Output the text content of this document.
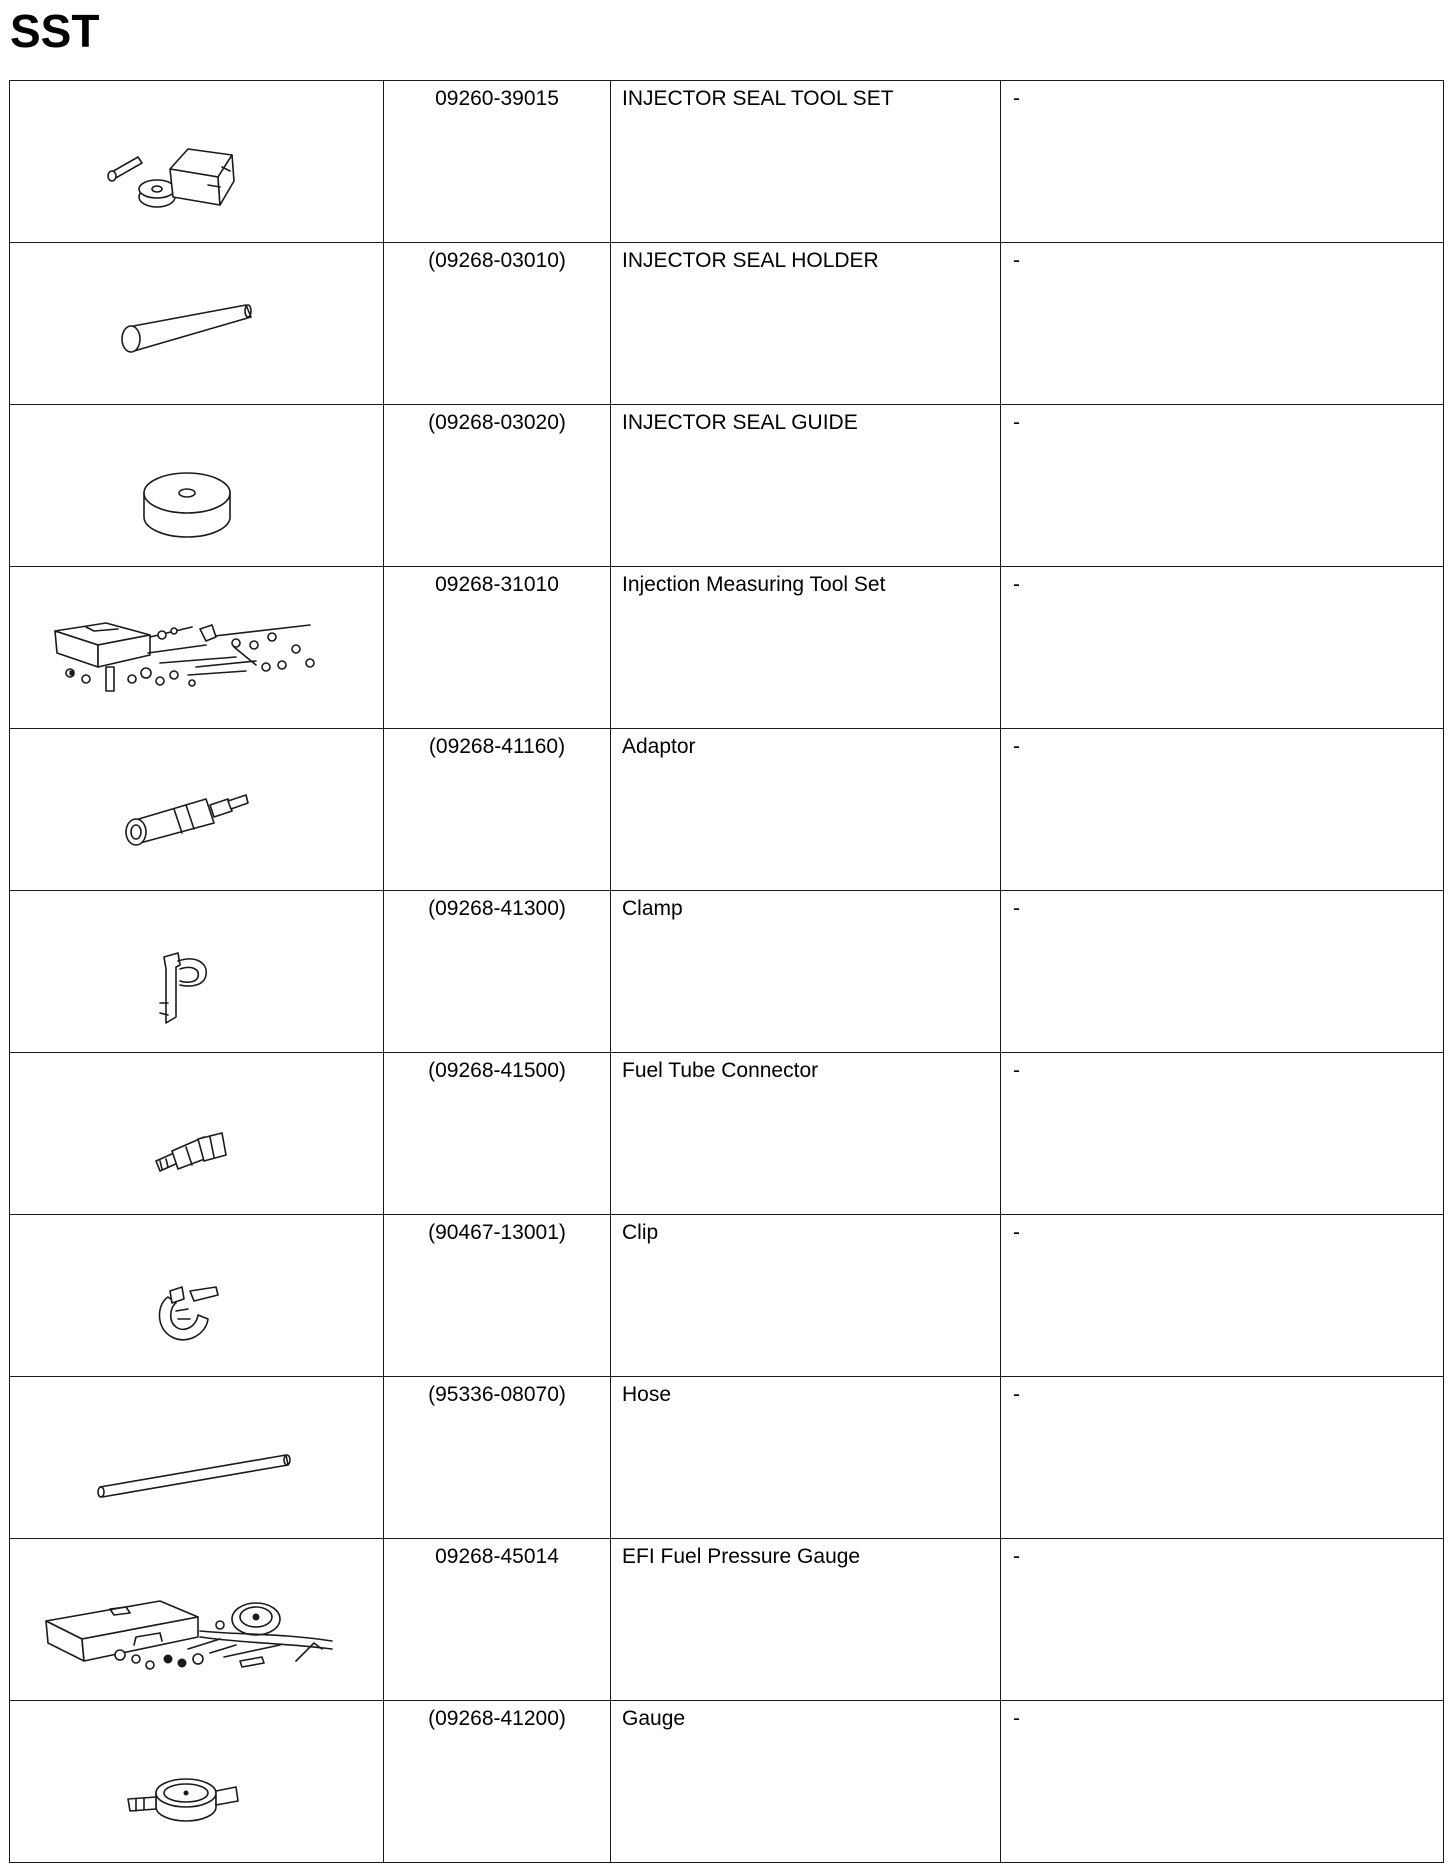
SST

09260-39015	INJECTOR SEAL TOOL SET	-

(09268-03010)	INJECTOR SEAL HOLDER	-

(09268-03020)	INJECTOR SEAL GUIDE	-

09268-31010	Injection Measuring Tool Set	-

(09268-41160)	Adaptor	-

(09268-41300)	Clamp	-

(09268-41500)	Fuel Tube Connector	-

(90467-13001)	Clip	-

(95336-08070)	Hose	-

09268-45014	EFI Fuel Pressure Gauge	-

(09268-41200)	Gauge	-
